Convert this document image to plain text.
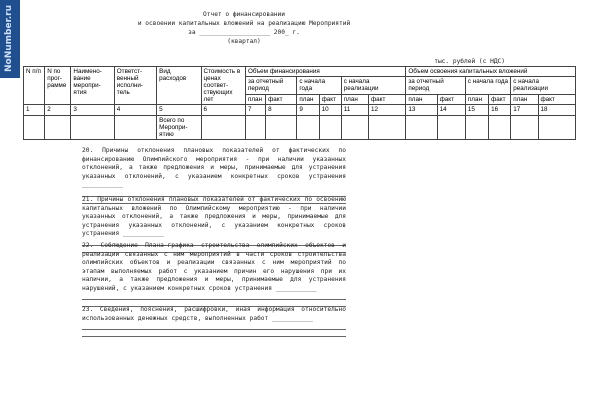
NoNumber.ru	Отчет о финансировании
и освоении капитальных вложений на реализацию Мероприятий
за ___________________ 200_ г.
(квартал)
тыс. рублей (с НДС)
N п/п	N по прог- рамме	Наимено- вание меропри- ятия	Ответст- венный исполни- тель	Вид расходов	Стоимость в ценах соответ- ствующих лет	Объем финансирования						Объем освоения капитальных вложений					
						за отчетный период		с начала года		с начала реализации		за отчетный период		с начала года		с начала реализации	
						план	факт	план	факт	план	факт	план	факт	план	факт	план	факт
1	2	3	4	5	6	7	8	9	10	11	12	13	14	15	16	17	18
				Всего по Меропри- ятию													

20. Причины отклонения плановых показателей от фактических по финансированию Олимпийского мероприятия - при наличии указанных отклонений, а также предложения и меры, принимаемые для устранения указанных отклонений, с указанием конкретных сроков устранения ___________

21. Причины отклонения плановых показателей от фактических по освоению капитальных вложений по Олимпийскому мероприятию - при наличии указанных отклонений, а также предложения и меры, принимаемые для устранения указанных отклонений, с указанием конкретных сроков устранения ___________

22. Соблюдение Плана-графика строительства олимпийских объектов и реализации связанных с ним мероприятий в части сроков строительства олимпийских объектов и реализации связанных с ним мероприятий по этапам выполняемых работ с указанием причин его нарушения при их наличии, а также предложения и меры, принимаемые для устранения нарушений, с указанием конкретных сроков устранения ___________

23. Сведения, пояснения, расшифровки, иная информация относительно использованных денежных средств, выполненных работ ___________
